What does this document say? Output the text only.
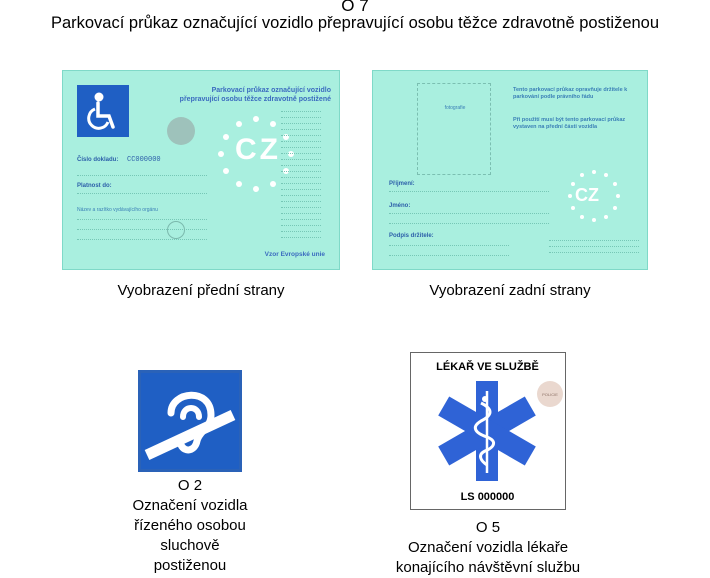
O 7
Parkovací průkaz označující vozidlo přepravující osobu těžce zdravotně postiženou
Parkovací průkaz označující vozidlo
přepravující osobu těžce zdravotně postižené
CZ
Číslo dokladu: CC000000
Platnost do:
Název a razítko vydávajícího orgánu
Vzor Evropské unie
Vyobrazení přední strany
fotografie
Tento parkovací průkaz opravňuje držitele k parkování podle právního řádu
Při použití musí být tento parkovací průkaz vystaven na přední části vozidla
CZ
Příjmení:
Jméno:
Podpis držitele:
Vyobrazení zadní strany
O 2
Označení vozidla
řízeného osobou
sluchově
postiženou
LÉKAŘ VE SLUŽBĚ
POLICIE
LS 000000
O 5
Označení vozidla lékaře
konajícího návštěvní službu
